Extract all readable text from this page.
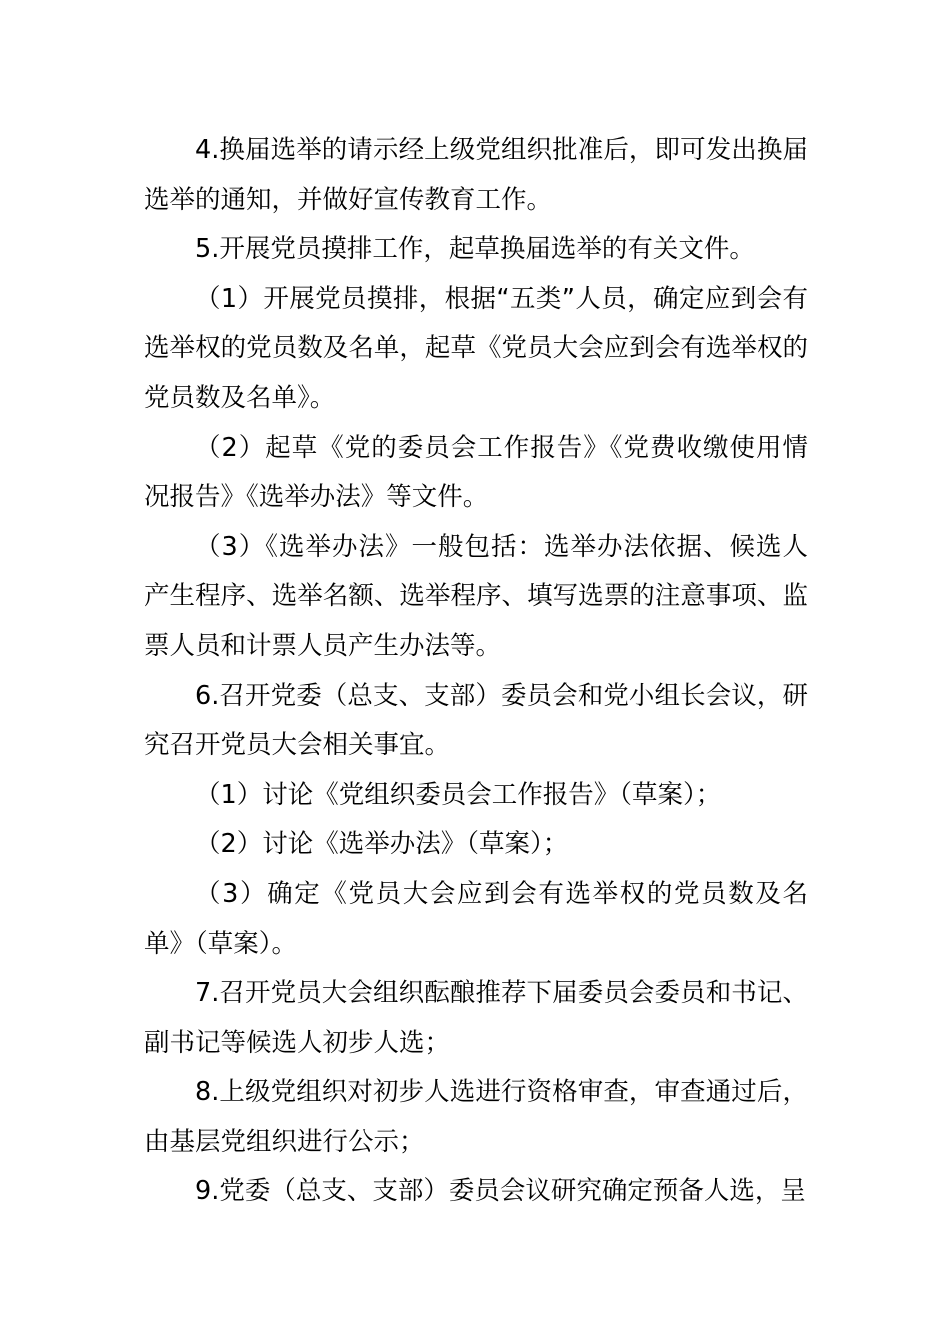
4.换届选举的请示经上级党组织批准后，即可发出换届选举的通知，并做好宣传教育工作。

5.开展党员摸排工作，起草换届选举的有关文件。

（1）开展党员摸排，根据“五类”人员，确定应到会有选举权的党员数及名单，起草《党员大会应到会有选举权的党员数及名单》。

（2）起草《党的委员会工作报告》《党费收缴使用情况报告》《选举办法》等文件。

（3）《选举办法》一般包括：选举办法依据、候选人产生程序、选举名额、选举程序、填写选票的注意事项、监票人员和计票人员产生办法等。

6.召开党委（总支、支部）委员会和党小组长会议，研究召开党员大会相关事宜。

（1）讨论《党组织委员会工作报告》（草案）；

（2）讨论《选举办法》（草案）；

（3）确定《党员大会应到会有选举权的党员数及名单》（草案）。

7.召开党员大会组织酝酿推荐下届委员会委员和书记、副书记等候选人初步人选；

8.上级党组织对初步人选进行资格审查，审查通过后，由基层党组织进行公示；

9.党委（总支、支部）委员会议研究确定预备人选，呈
